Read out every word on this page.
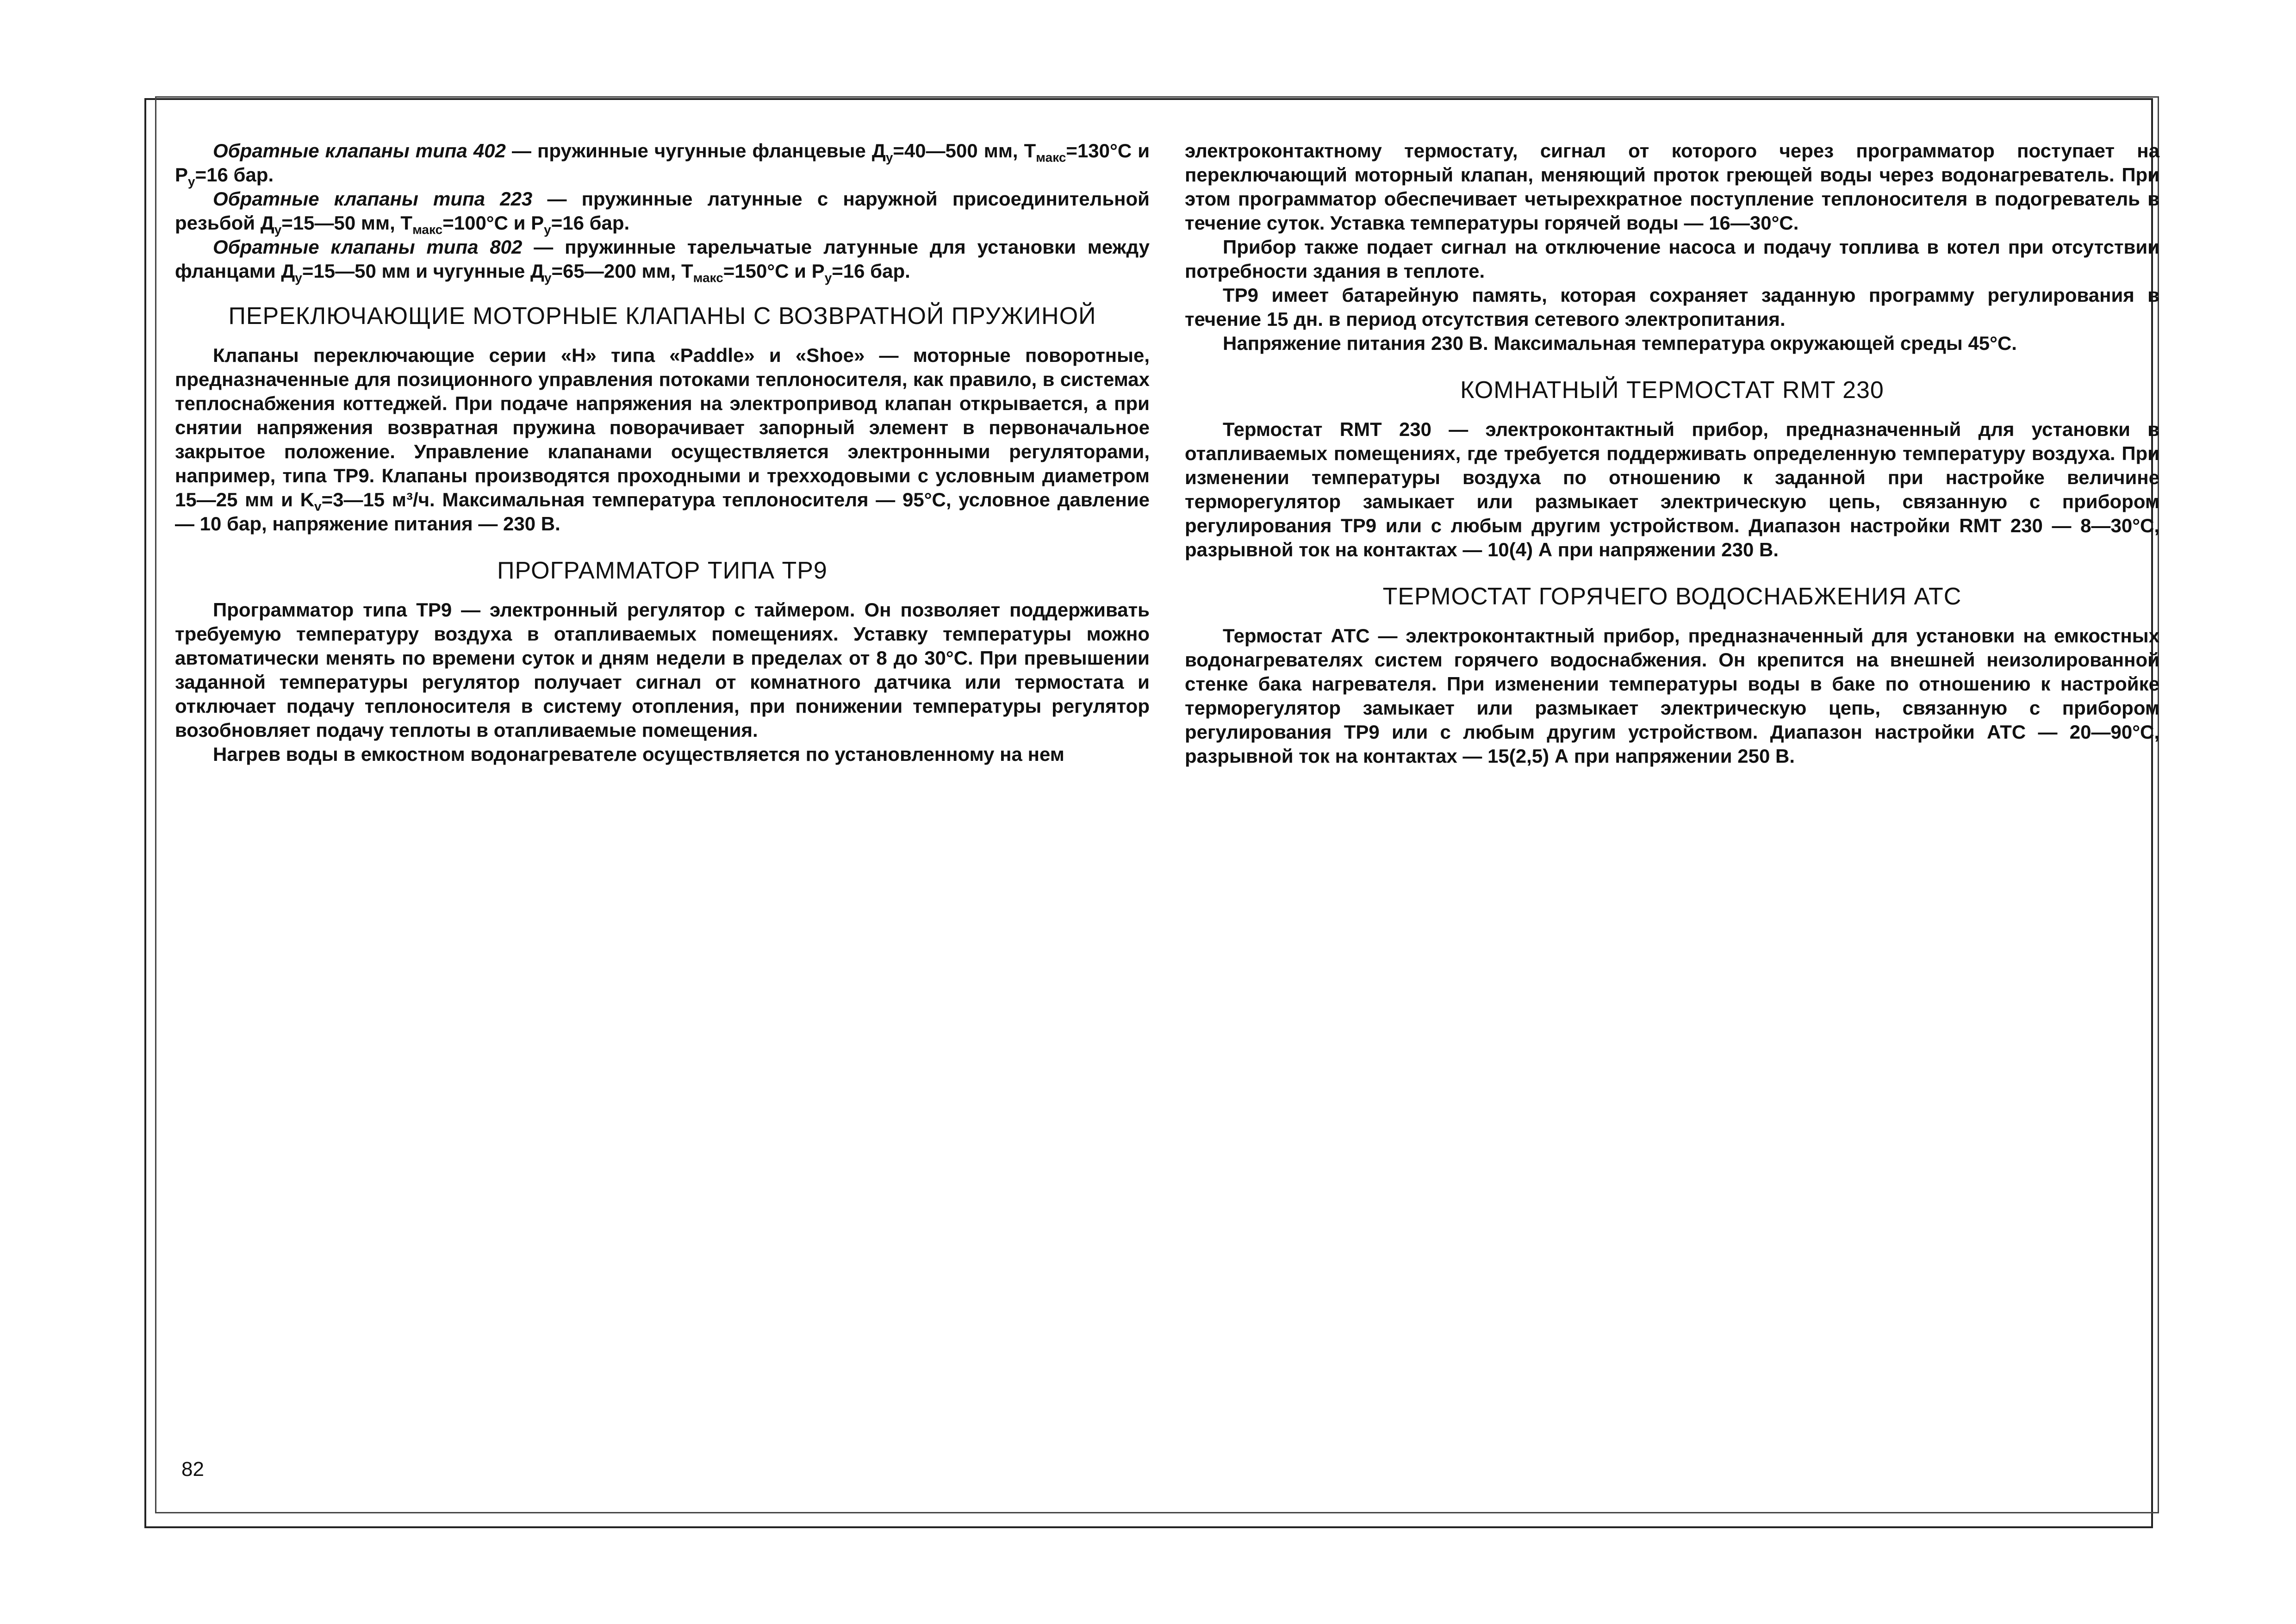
Обратные клапаны типа 402 — пружинные чугунные фланцевые $Д_у=40—500$ мм, $Т_{макс}=130^\circ С$ и $Р_у=16$ бар.

Обратные клапаны типа 223 — пружинные латунные с наружной присоединительной резьбой $Д_у=15—50$ мм, $Т_{макс}=100^\circ С$ и $Р_у=16$ бар.

Обратные клапаны типа 802 — пружинные тарельчатые латунные для установки между фланцами $Д_у=15—50$ мм и чугунные $Д_у=65—200$ мм, $Т_{макс}=150^\circ С$ и $Р_у=16$ бар.

ПЕРЕКЛЮЧАЮЩИЕ МОТОРНЫЕ КЛАПАНЫ С ВОЗВРАТНОЙ ПРУЖИНОЙ

Клапаны переключающие серии «Н» типа «Paddle» и «Shoe» — моторные поворотные, предназначенные для позиционного управления потоками теплоносителя, как правило, в системах теплоснабжения коттеджей. При подаче напряжения на электропривод клапан открывается, а при снятии напряжения возвратная пружина поворачивает запорный элемент в первоначальное закрытое положение. Управление клапанами осуществляется электронными регуляторами, например, типа ТР9. Клапаны производятся проходными и трехходовыми с условным диаметром 15—25 мм и $K_v=3—15$ м³/ч. Максимальная температура теплоносителя — 95°С, условное давление — 10 бар, напряжение питания — 230 В.

ПРОГРАММАТОР ТИПА ТР9

Программатор типа ТР9 — электронный регулятор с таймером. Он позволяет поддерживать требуемую температуру воздуха в отапливаемых помещениях. Уставку температуры можно автоматически менять по времени суток и дням недели в пределах от 8 до 30°С. При превышении заданной температуры регулятор получает сигнал от комнатного датчика или термостата и отключает подачу теплоносителя в систему отопления, при понижении температуры регулятор возобновляет подачу теплоты в отапливаемые помещения.

Нагрев воды в емкостном водонагревателе осуществляется по установленному на нем

электроконтактному термостату, сигнал от которого через программатор поступает на переключающий моторный клапан, меняющий проток греющей воды через водонагреватель. При этом программатор обеспечивает четырехкратное поступление теплоносителя в подогреватель в течение суток. Уставка температуры горячей воды — 16—30°С.

Прибор также подает сигнал на отключение насоса и подачу топлива в котел при отсутствии потребности здания в теплоте.

ТР9 имеет батарейную память, которая сохраняет заданную программу регулирования в течение 15 дн. в период отсутствия сетевого электропитания.

Напряжение питания 230 В. Максимальная температура окружающей среды 45°С.

КОМНАТНЫЙ ТЕРМОСТАТ RMT 230

Термостат RMT 230 — электроконтактный прибор, предназначенный для установки в отапливаемых помещениях, где требуется поддерживать определенную температуру воздуха. При изменении температуры воздуха по отношению к заданной при настройке величине терморегулятор замыкает или размыкает электрическую цепь, связанную с прибором регулирования ТР9 или с любым другим устройством. Диапазон настройки RMT 230 — 8—30°С, разрывной ток на контактах — 10(4) А при напряжении 230 В.

ТЕРМОСТАТ ГОРЯЧЕГО ВОДОСНАБЖЕНИЯ АТС

Термостат АТС — электроконтактный прибор, предназначенный для установки на емкостных водонагревателях систем горячего водоснабжения. Он крепится на внешней неизолированной стенке бака нагревателя. При изменении температуры воды в баке по отношению к настройке терморегулятор замыкает или размыкает электрическую цепь, связанную с прибором регулирования ТР9 или с любым другим устройством. Диапазон настройки АТС — 20—90°С, разрывной ток на контактах — 15(2,5) А при напряжении 250 В.

82
